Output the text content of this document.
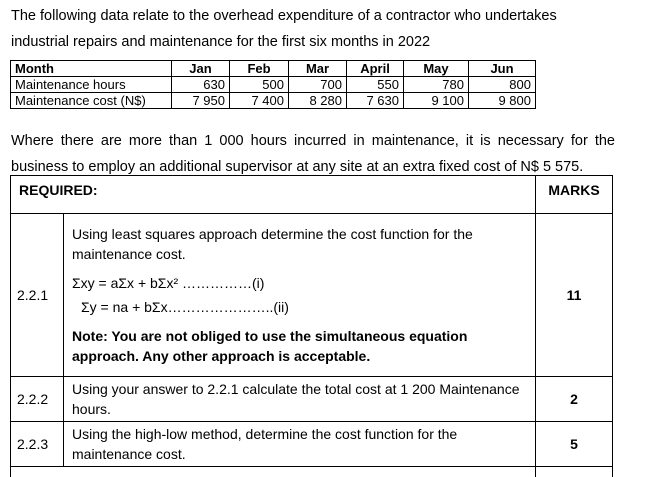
The following data relate to the overhead expenditure of a contractor who undertakes
industrial repairs and maintenance for the first six months in 2022
Month	Jan	Feb	Mar	April	May	Jun
Maintenance hours	630	500	700	550	780	800
Maintenance cost (N$)	7 950	7 400	8 280	7 630	9 100	9 800
Where there are more than 1 000 hours incurred in maintenance, it is necessary for the
business to employ an additional supervisor at any site at an extra fixed cost of N$ 5 575.
REQUIRED:		MARKS
2.2.1	Using least squares approach determine the cost function for the maintenance cost.
Σxy = aΣx + bΣx² ……………(i)
Σy = na + bΣx…………………..(ii)
Note: You are not obliged to use the simultaneous equation approach. Any other approach is acceptable.	11
2.2.2	Using your answer to 2.2.1 calculate the total cost at 1 200 Maintenance hours.	2
2.2.3	Using the high-low method, determine the cost function for the maintenance cost.	5
